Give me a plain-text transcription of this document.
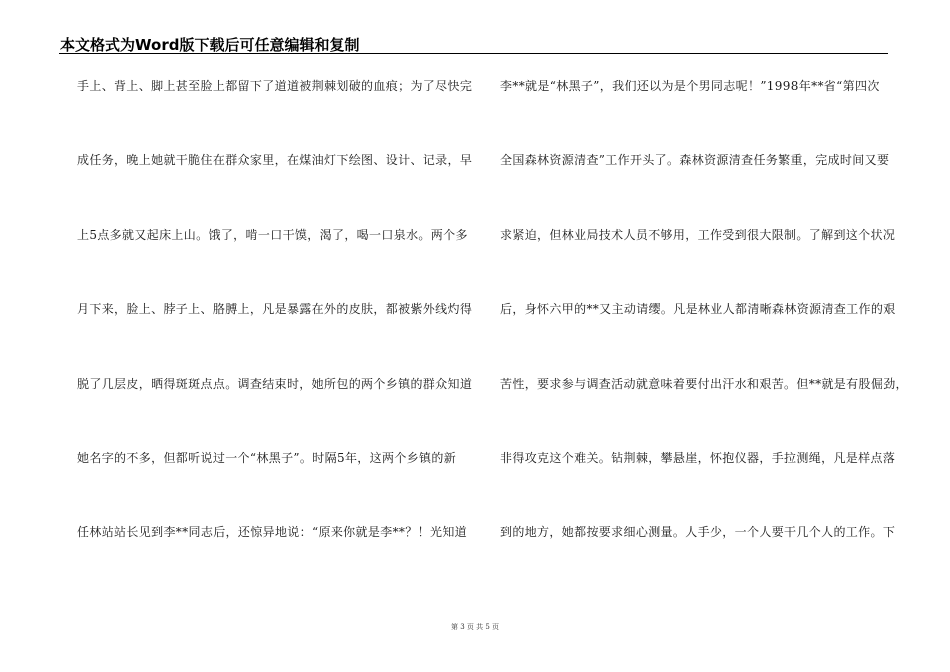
本文格式为Word版下载后可任意编辑和复制
手上、背上、脚上甚至脸上都留下了道道被荆棘划破的血痕；为了尽快完
成任务，晚上她就干脆住在群众家里，在煤油灯下绘图、设计、记录，早
上5点多就又起床上山。饿了，啃一口干馍，渴了，喝一口泉水。两个多
月下来，脸上、脖子上、胳膊上，凡是暴露在外的皮肤，都被紫外线灼得
脱了几层皮，晒得斑斑点点。调查结束时，她所包的两个乡镇的群众知道
她名字的不多，但都听说过一个“林黑子”。时隔5年，这两个乡镇的新
任林站站长见到李**同志后，还惊异地说：“原来你就是李**？！光知道
李**就是“林黑子”，我们还以为是个男同志呢！”1998年**省“第四次
全国森林资源清查”工作开头了。森林资源清查任务繁重，完成时间又要
求紧迫，但林业局技术人员不够用，工作受到很大限制。了解到这个状况
后，身怀六甲的**又主动请缨。凡是林业人都清晰森林资源清查工作的艰
苦性，要求参与调查活动就意味着要付出汗水和艰苦。但**就是有股倔劲，
非得攻克这个难关。钻荆棘，攀悬崖，怀抱仪器，手拉测绳，凡是样点落
到的地方，她都按要求细心测量。人手少，一个人要干几个人的工作。下
第 3 页 共 5 页
